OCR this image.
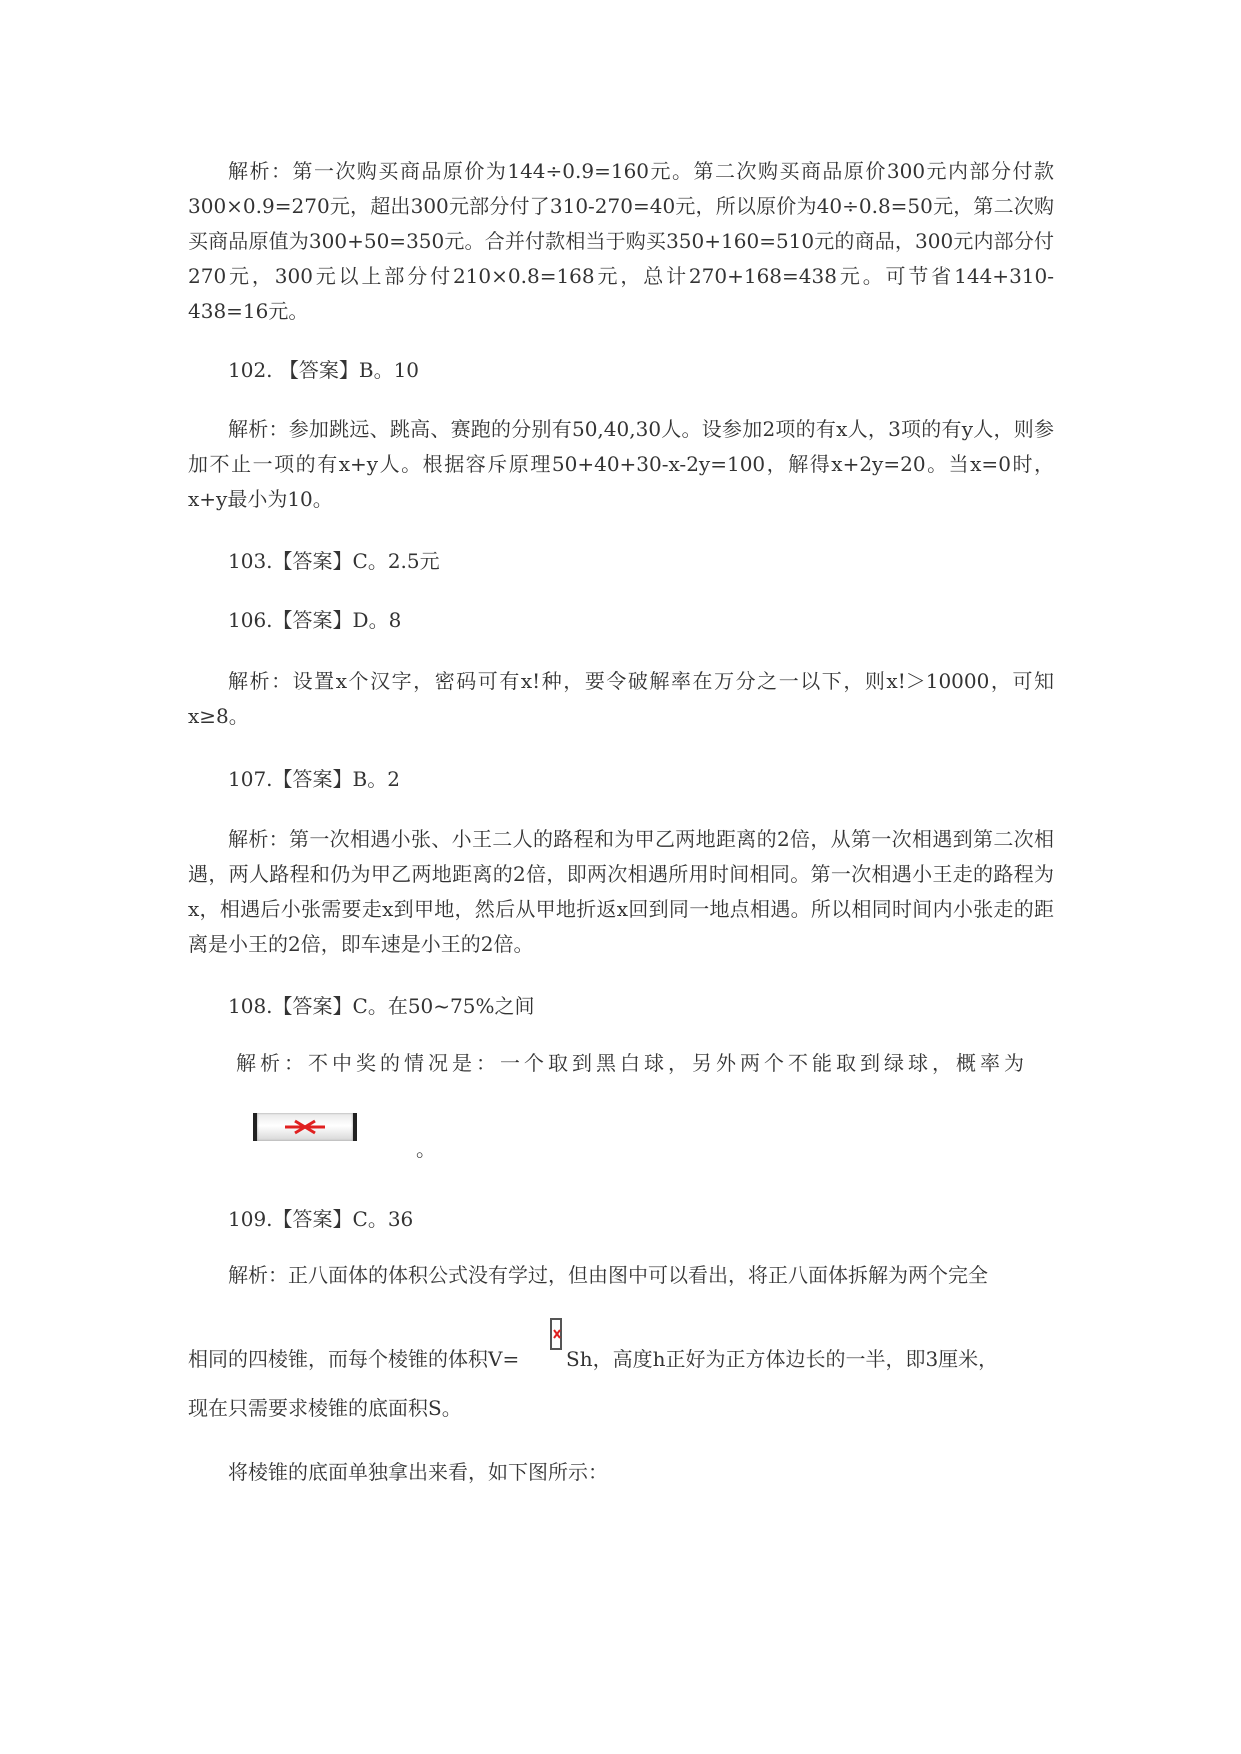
解析：第一次购买商品原价为144÷0.9=160元。第二次购买商品原价300元内部分付款300×0.9=270元，超出300元部分付了310-270=40元，所以原价为40÷0.8=50元，第二次购买商品原值为300+50=350元。合并付款相当于购买350+160=510元的商品，300元内部分付270元，300元以上部分付210×0.8=168元，总计270+168=438元。可节省144+310-438=16元。

102. 【答案】B。10

解析：参加跳远、跳高、赛跑的分别有50,40,30人。设参加2项的有x人，3项的有y人，则参加不止一项的有x+y人。根据容斥原理50+40+30-x-2y=100，解得x+2y=20。当x=0时，x+y最小为10。

103.【答案】C。2.5元

106.【答案】D。8

解析：设置x个汉字，密码可有x!种，要令破解率在万分之一以下，则x!＞10000，可知x≥8。

107.【答案】B。2

解析：第一次相遇小张、小王二人的路程和为甲乙两地距离的2倍，从第一次相遇到第二次相遇，两人路程和仍为甲乙两地距离的2倍，即两次相遇所用时间相同。第一次相遇小王走的路程为x，相遇后小张需要走x到甲地，然后从甲地折返x回到同一地点相遇。所以相同时间内小张走的距离是小王的2倍，即车速是小王的2倍。

108.【答案】C。在50~75%之间

解析：不中奖的情况是：一个取到黑白球，另外两个不能取到绿球，概率为

。

109.【答案】C。36

解析：正八面体的体积公式没有学过，但由图中可以看出，将正八面体拆解为两个完全

相同的四棱锥，而每个棱锥的体积V= Sh，高度h正好为正方体边长的一半，即3厘米，

现在只需要求棱锥的底面积S。

将棱锥的底面单独拿出来看，如下图所示：
